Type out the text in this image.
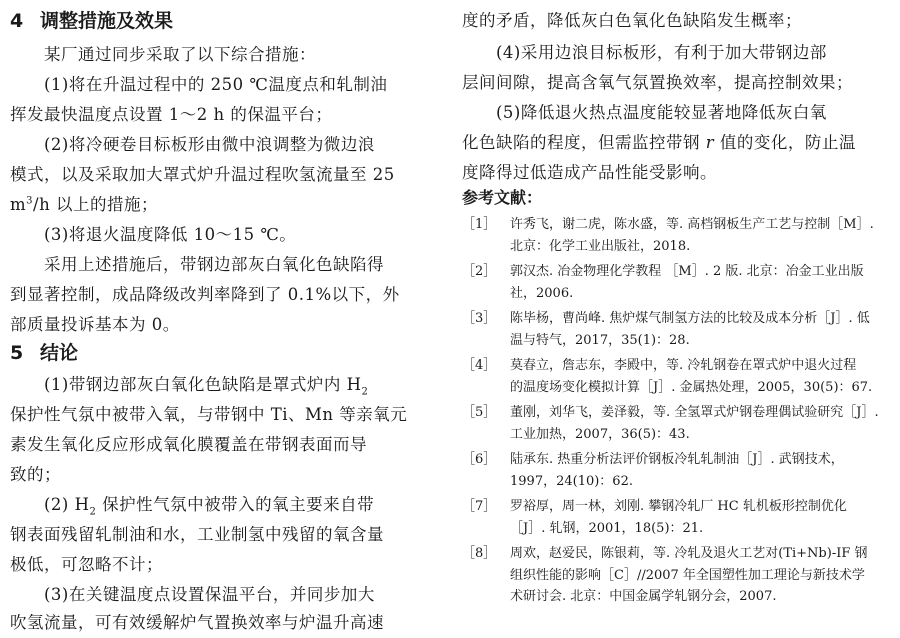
4 调整措施及效果
某厂通过同步采取了以下综合措施：
(1)将在升温过程中的 250 ℃温度点和轧制油
挥发最快温度点设置 1～2 h 的保温平台；
(2)将冷硬卷目标板形由微中浪调整为微边浪
模式，以及采取加大罩式炉升温过程吹氢流量至 25
$m^3/h$ 以上的措施；
(3)将退火温度降低 10～15 ℃。
采用上述措施后，带钢边部灰白氧化色缺陷得
到显著控制，成品降级改判率降到了 0.1%以下，外
部质量投诉基本为 0。
5 结论
(1)带钢边部灰白氧化色缺陷是罩式炉内 $H_2$
保护性气氛中被带入氧，与带钢中 Ti、Mn 等亲氧元
素发生氧化反应形成氧化膜覆盖在带钢表面而导
致的；
(2) $H_2$ 保护性气氛中被带入的氧主要来自带
钢表面残留轧制油和水，工业制氢中残留的氧含量
极低，可忽略不计；
(3)在关键温度点设置保温平台，并同步加大
吹氢流量，可有效缓解炉气置换效率与炉温升高速
度的矛盾，降低灰白色氧化色缺陷发生概率；
(4)采用边浪目标板形，有利于加大带钢边部
层间间隙，提高含氧气氛置换效率，提高控制效果；
(5)降低退火热点温度能较显著地降低灰白氧
化色缺陷的程度，但需监控带钢 r 值的变化，防止温
度降得过低造成产品性能受影响。
参考文献：
［1］ 许秀飞，谢二虎，陈水盛，等. 高档钢板生产工艺与控制［M］.
北京：化学工业出版社，2018.
［2］ 郭汉杰. 冶金物理化学教程 ［M］. 2 版. 北京：冶金工业出版
社，2006.
［3］ 陈毕杨，曹尚峰. 焦炉煤气制氢方法的比较及成本分析［J］. 低
温与特气，2017，35(1)：28.
［4］ 莫春立，詹志东，李殿中，等. 冷轧钢卷在罩式炉中退火过程
的温度场变化模拟计算［J］. 金属热处理，2005，30(5)：67.
［5］ 董刚，刘华飞，姜泽毅，等. 全氢罩式炉钢卷理偶试验研究［J］.
工业加热，2007，36(5)：43.
［6］ 陆承东. 热重分析法评价钢板冷轧轧制油［J］. 武钢技术，
1997，24(10)：62.
［7］ 罗裕厚，周一林，刘刚. 攀钢冷轧厂 HC 轧机板形控制优化
［J］. 轧钢，2001，18(5)：21.
［8］ 周欢，赵爱民，陈银莉，等. 冷轧及退火工艺对(Ti+Nb)-IF 钢
组织性能的影响［C］//2007 年全国塑性加工理论与新技术学
术研讨会. 北京：中国金属学轧钢分会，2007.
